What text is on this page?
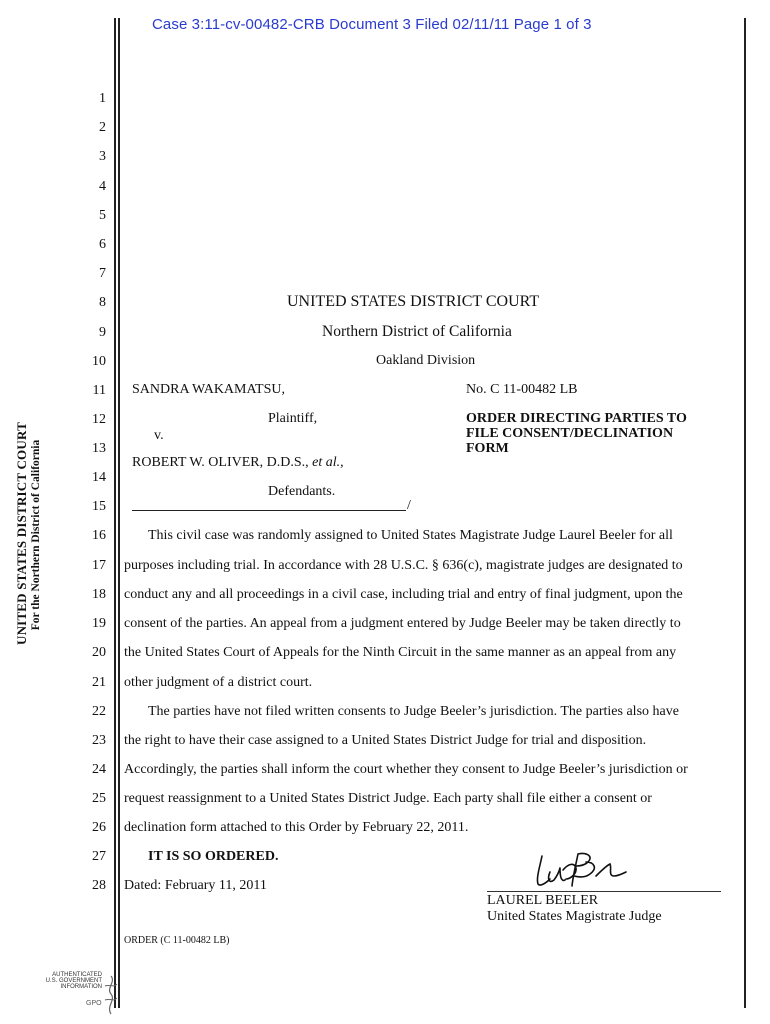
Case 3:11-cv-00482-CRB Document 3 Filed 02/11/11 Page 1 of 3
UNITED STATES DISTRICT COURT For the Northern District of California
1
2
3
4
5
6
7
8
9
10
11
12
13
14
15
16
17
18
19
20
21
22
23
24
25
26
27
28
UNITED STATES DISTRICT COURT
Northern District of California
Oakland Division
SANDRA WAKAMATSU,
Plaintiff,
v.
ROBERT W. OLIVER, D.D.S., et al.,
Defendants.
/
No. C 11-00482 LB
ORDER DIRECTING PARTIES TO
FILE CONSENT/DECLINATION
FORM
This civil case was randomly assigned to United States Magistrate Judge Laurel Beeler for all
purposes including trial. In accordance with 28 U.S.C. § 636(c), magistrate judges are designated to
conduct any and all proceedings in a civil case, including trial and entry of final judgment, upon the
consent of the parties. An appeal from a judgment entered by Judge Beeler may be taken directly to
the United States Court of Appeals for the Ninth Circuit in the same manner as an appeal from any
other judgment of a district court.
The parties have not filed written consents to Judge Beeler’s jurisdiction. The parties also have
the right to have their case assigned to a United States District Judge for trial and disposition.
Accordingly, the parties shall inform the court whether they consent to Judge Beeler’s jurisdiction or
request reassignment to a United States District Judge. Each party shall file either a consent or
declination form attached to this Order by February 22, 2011.
IT IS SO ORDERED.
Dated: February 11, 2011
LAUREL BEELER
United States Magistrate Judge
ORDER (C 11-00482 LB)
AUTHENTICATED
U.S. GOVERNMENT
INFORMATION
GPO
